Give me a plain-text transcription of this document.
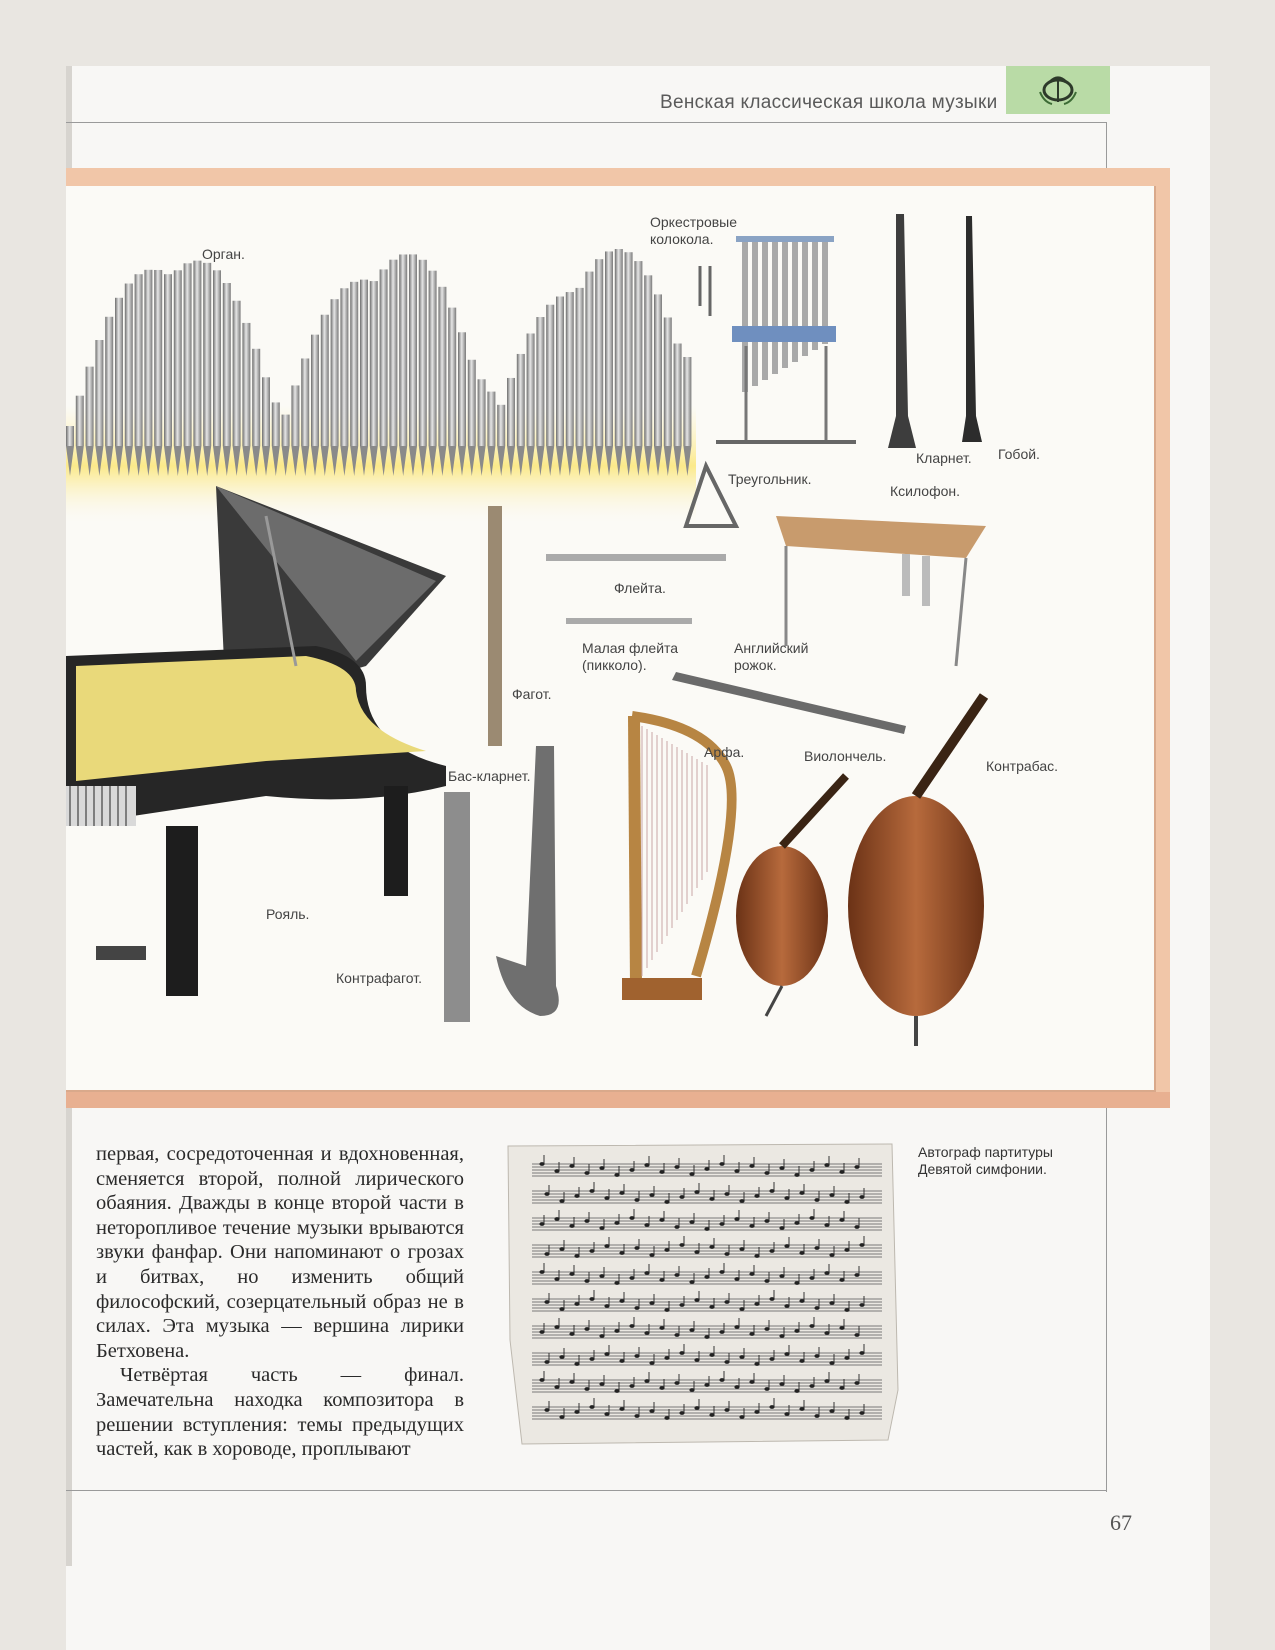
Венская классическая школа музыки
Орган.
Оркестровые
колокола.
Кларнет. Гобой.
Треугольник.
Ксилофон.
Флейта.
Малая флейта
(пикколо).
Английский
рожок.
Фагот.
Арфа.	Виолончель.
Контрабас.
Бас-кларнет.
Рояль.
Контрафагот.

первая, сосредоточенная и вдохновенная, сменяется второй, полной лирического обаяния. Дважды в конце второй части в неторопливое течение музыки врываются звуки фанфар. Они напоминают о грозах и битвах, но изменить общий философский, созерцательный образ не в силах. Эта музыка — вершина лирики Бетховена.

Четвёртая часть — финал. Замечательна находка композитора в решении вступления: темы предыдущих частей, как в хороводе, проплывают

Автограф партитуры
Девятой симфонии.
67
